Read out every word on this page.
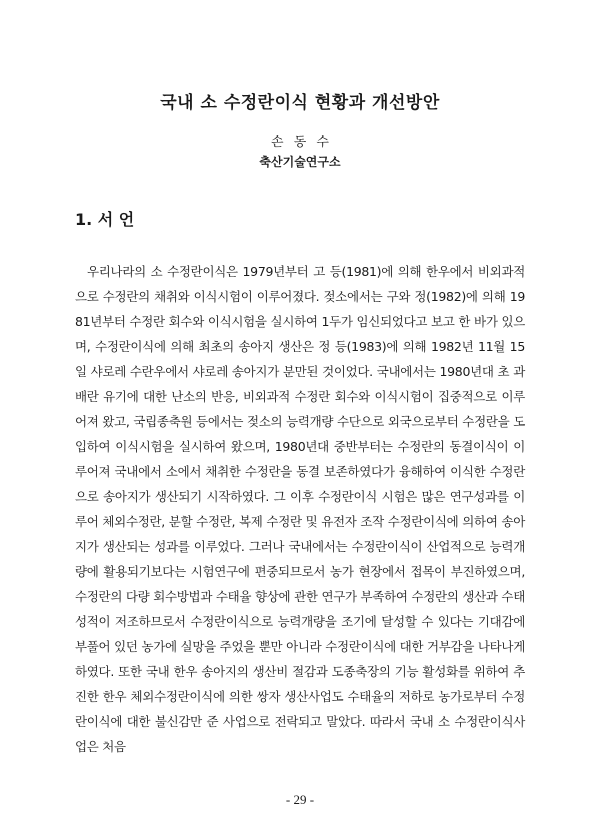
국내 소 수정란이식 현황과 개선방안
손 동 수
축산기술연구소
1. 서 언

우리나라의 소 수정란이식은 1979년부터 고 등(1981)에 의해 한우에서 비외과적으로 수정란의 채취와 이식시험이 이루어졌다. 젖소에서는 구와 정(1982)에 의해 1981년부터 수정란 회수와 이식시험을 실시하여 1두가 임신되었다고 보고 한 바가 있으며, 수정란이식에 의해 최초의 송아지 생산은 정 등(1983)에 의해 1982년 11월 15일 샤로레 수란우에서 샤로레 송아지가 분만된 것이었다. 국내에서는 1980년대 초 과배란 유기에 대한 난소의 반응, 비외과적 수정란 회수와 이식시험이 집중적으로 이루어져 왔고, 국립종축원 등에서는 젖소의 능력개량 수단으로 외국으로부터 수정란을 도입하여 이식시험을 실시하여 왔으며, 1980년대 중반부터는 수정란의 동결이식이 이루어져 국내에서 소에서 채취한 수정란을 동결 보존하였다가 융해하여 이식한 수정란으로 송아지가 생산되기 시작하였다. 그 이후 수정란이식 시험은 많은 연구성과를 이루어 체외수정란, 분할 수정란, 복제 수정란 및 유전자 조작 수정란이식에 의하여 송아지가 생산되는 성과를 이루었다. 그러나 국내에서는 수정란이식이 산업적으로 능력개량에 활용되기보다는 시험연구에 편중되므로서 농가 현장에서 접목이 부진하였으며, 수정란의 다량 회수방법과 수태율 향상에 관한 연구가 부족하여 수정란의 생산과 수태 성적이 저조하므로서 수정란이식으로 능력개량을 조기에 달성할 수 있다는 기대감에 부풀어 있던 농가에 실망을 주었을 뿐만 아니라 수정란이식에 대한 거부감을 나타나게 하였다. 또한 국내 한우 송아지의 생산비 절감과 도종축장의 기능 활성화를 위하여 추진한 한우 체외수정란이식에 의한 쌍자 생산사업도 수태율의 저하로 농가로부터 수정란이식에 대한 불신감만 준 사업으로 전락되고 말았다. 따라서 국내 소 수정란이식사업은 처음

- 29 -
